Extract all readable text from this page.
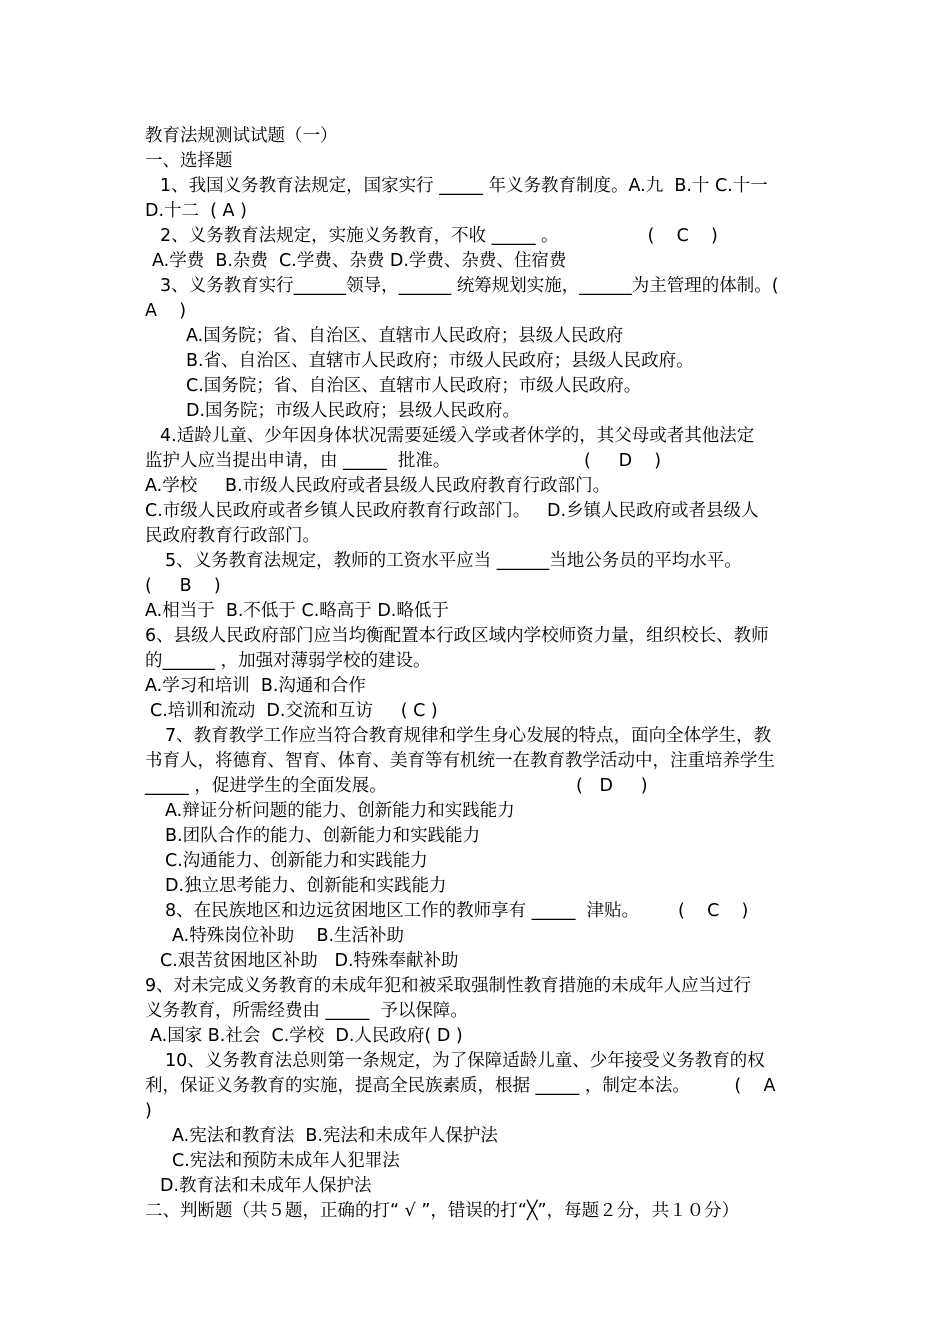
教育法规测试试题（一）
一、选择题
1、我国义务教育法规定，国家实行 _____ 年义务教育制度。A.九  B.十 C.十一
D.十二  ( A )
2、义务教育法规定，实施义务教育，不收 _____ 。                (    C    )
A.学费  B.杂费  C.学费、杂费 D.学费、杂费、住宿费
3、义务教育实行______领导，______ 统筹规划实施，______为主管理的体制。(
A    )
A.国务院；省、自治区、直辖市人民政府；县级人民政府
B.省、自治区、直辖市人民政府；市级人民政府；县级人民政府。
C.国务院；省、自治区、直辖市人民政府；市级人民政府。
D.国务院；市级人民政府；县级人民政府。
4.适龄儿童、少年因身体状况需要延缓入学或者休学的，其父母或者其他法定
监护人应当提出申请，由 _____  批准。                        (     D    )
A.学校     B.市级人民政府或者县级人民政府教育行政部门。
C.市级人民政府或者乡镇人民政府教育行政部门。   D.乡镇人民政府或者县级人
民政府教育行政部门。
5、义务教育法规定，教师的工资水平应当 ______当地公务员的平均水平。
(     B    )
A.相当于  B.不低于 C.略高于 D.略低于
6、县级人民政府部门应当均衡配置本行政区域内学校师资力量，组织校长、教师
的______ ，加强对薄弱学校的建设。
A.学习和培训  B.沟通和合作
C.培训和流动  D.交流和互访     ( C )
7、教育教学工作应当符合教育规律和学生身心发展的特点，面向全体学生，教
书育人，将德育、智育、体育、美育等有机统一在教育教学活动中，注重培养学生
_____ ，促进学生的全面发展。                                  (   D     )
A.辩证分析问题的能力、创新能力和实践能力
B.团队合作的能力、创新能力和实践能力
C.沟通能力、创新能力和实践能力
D.独立思考能力、创新能和实践能力
8、在民族地区和边远贫困地区工作的教师享有 _____  津贴。       (    C    )
A.特殊岗位补助    B.生活补助
C.艰苦贫困地区补助   D.特殊奉献补助
9、对未完成义务教育的未成年犯和被采取强制性教育措施的未成年人应当过行
义务教育，所需经费由 _____  予以保障。
A.国家 B.社会  C.学校  D.人民政府( D )
10、义务教育法总则第一条规定，为了保障适龄儿童、少年接受义务教育的权
利，保证义务教育的实施，提高全民族素质，根据 _____ ，制定本法。        (    A
)
A.宪法和教育法  B.宪法和未成年人保护法
C.宪法和预防未成年人犯罪法
D.教育法和未成年人保护法
二、判断题（共５题，正确的打“ √ ”，错误的打“╳”，每题２分，共１０分）
